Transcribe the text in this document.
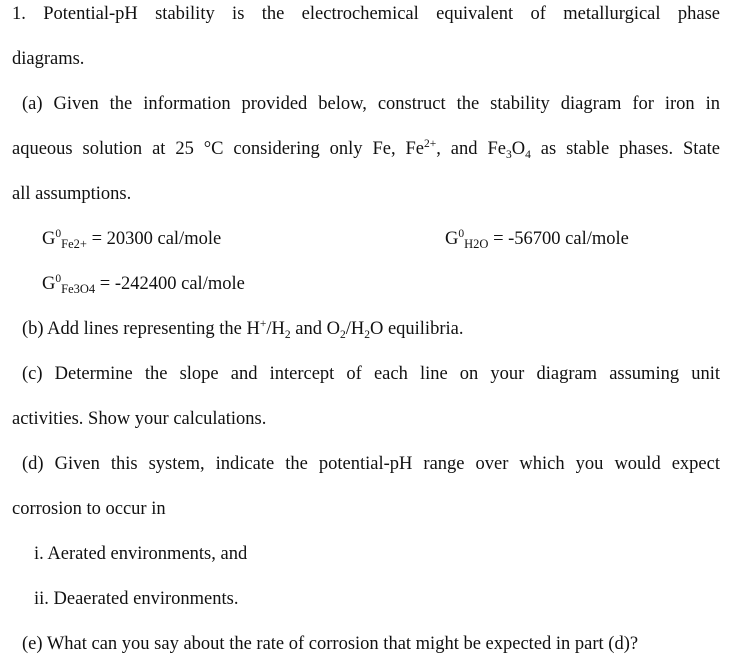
1. Potential-pH stability is the electrochemical equivalent of metallurgical phase
diagrams.
(a) Given the information provided below, construct the stability diagram for iron in
aqueous solution at 25 °C considering only Fe, $Fe^{2+}$, and $Fe_3O_4$ as stable phases. State
all assumptions.
$G^0_{Fe2+} = 20300$ cal/mole	$G^0_{H2O} = -56700$ cal/mole
$G^0_{Fe3O4} = -242400$ cal/mole
(b) Add lines representing the $H^+/H_2$ and $O_2/H_2O$ equilibria.
(c) Determine the slope and intercept of each line on your diagram assuming unit
activities. Show your calculations.
(d) Given this system, indicate the potential-pH range over which you would expect
corrosion to occur in
i. Aerated environments, and
ii. Deaerated environments.
(e) What can you say about the rate of corrosion that might be expected in part (d)?
